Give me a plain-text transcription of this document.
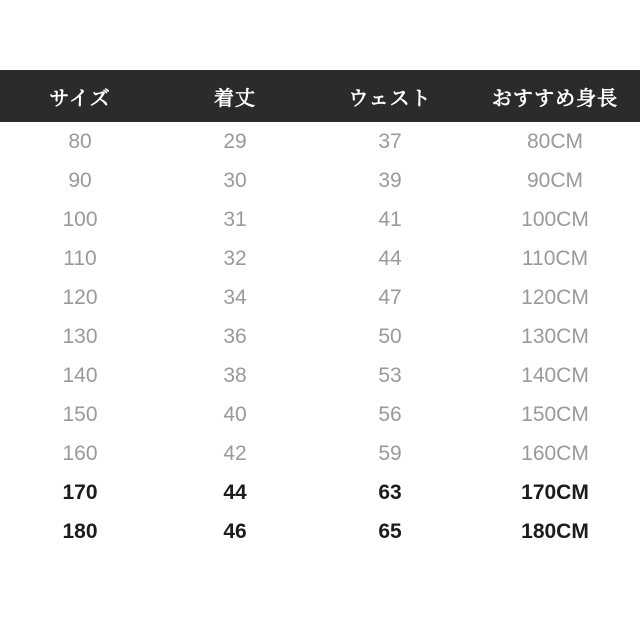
サイズ	着丈	ウェスト	おすすめ身長
80	29	37	80CM
90	30	39	90CM
100	31	41	100CM
110	32	44	110CM
120	34	47	120CM
130	36	50	130CM
140	38	53	140CM
150	40	56	150CM
160	42	59	160CM
170	44	63	170CM
180	46	65	180CM
